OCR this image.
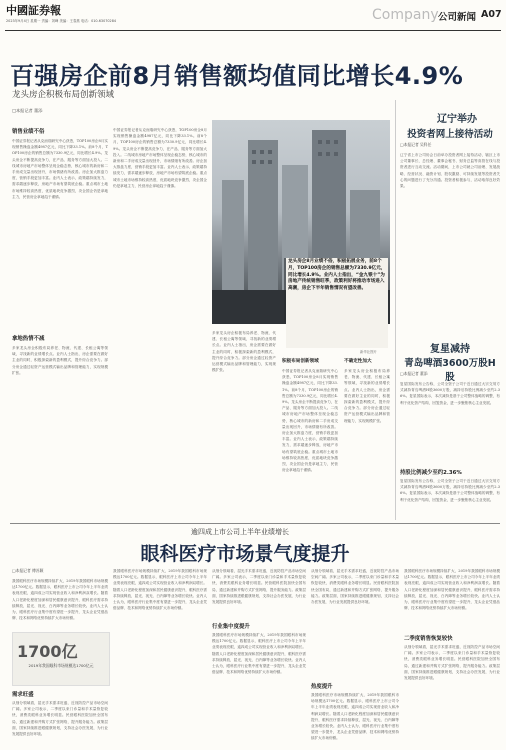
中國証券報
2023年9月4日 星期一 责编：刘峰 美编：王春燕 电话：010-63070284	Company 公司新闻 A07
百强房企前8月销售额均值同比增长4.9%
龙头房企积极布局创新领域
□本报记者 董添
销售业绩不俗
中国证券报记者从克而瑞研究中心获悉，TOP100房企8月实现销售操盘金额4987亿元，同比下降33.1%。前8个月，TOP100房企的销售总额为7330.9亿元，同比增长4.9%。龙头房企不断提高竞争力，在产品、服务等方面加大投入。二线城市房地产市场整体呈现企稳态势，核心城市的新房和二手房成交量出现回升，市场情绪有所改善。房企加大推盘力度，营销手段更加丰富。业内人士表示，政策端持续发力，需求端逐步释放，房地产市场有望筑底企稳。重点城市土地市场维持较高热度，优质地块竞争激烈，央企国企仍是拿地主力，民营房企拿地趋于谨慎。
拿地热情不减
多家龙头房企积极布局养老、物流、代建、长租公寓等领域，寻找新的业绩增长点。业内人士指出，房企需要在做好主业的同时，积极探索新的盈利模式，提升综合竞争力。部分房企通过轻资产运营模式输出品牌和管理能力，实现规模扩张。
中国证券报记者从克而瑞研究中心获悉，TOP100房企8月实现销售操盘金额4987亿元，同比下降33.1%。前8个月，TOP100房企的销售总额为7330.9亿元，同比增长4.9%。龙头房企不断提高竞争力，在产品、服务等方面加大投入。二线城市房地产市场整体呈现企稳态势，核心城市的新房和二手房成交量出现回升，市场情绪有所改善。房企加大推盘力度，营销手段更加丰富。业内人士表示，政策端持续发力，需求端逐步释放，房地产市场有望筑底企稳。重点城市土地市场维持较高热度，优质地块竞争激烈，央企国企仍是拿地主力，民营房企拿地趋于谨慎。
龙头房企8月业绩不俗，积极拓展业务，前8个月，TOP100房企的销售总额为7330.9亿元，同比增长4.9%。业内人士指出，“金九银十”为房地产传统销售旺季，政策利好将推动市场进入高潮，房企下半年销售情况有望改善。
新华社图片
多家龙头房企积极布局养老、物流、代建、长租公寓等领域，寻找新的业绩增长点。业内人士指出，房企需要在做好主业的同时，积极探索新的盈利模式，提升综合竞争力。部分房企通过轻资产运营模式输出品牌和管理能力，实现规模扩张。
积极布局创新领域
中国证券报记者从克而瑞研究中心获悉，TOP100房企8月实现销售操盘金额4987亿元，同比下降33.1%。前8个月，TOP100房企的销售总额为7330.9亿元，同比增长4.9%。龙头房企不断提高竞争力，在产品、服务等方面加大投入。二线城市房地产市场整体呈现企稳态势，核心城市的新房和二手房成交量出现回升，市场情绪有所改善。房企加大推盘力度，营销手段更加丰富。业内人士表示，政策端持续发力，需求端逐步释放，房地产市场有望筑底企稳。重点城市土地市场维持较高热度，优质地块竞争激烈，央企国企仍是拿地主力，民营房企拿地趋于谨慎。
不确定性加大
多家龙头房企积极布局养老、物流、代建、长租公寓等领域，寻找新的业绩增长点。业内人士指出，房企需要在做好主业的同时，积极探索新的盈利模式，提升综合竞争力。部分房企通过轻资产运营模式输出品牌和管理能力，实现规模扩张。
辽宁举办
投资者网上接待活动
□本报记者 吴科任
辽宁省上市公司协会日前举办投资者网上接待活动，辖区上市公司董事长、总经理、董事会秘书、财务总监等高管在线与投资者进行互动交流。活动期间，上市公司就公司治理、发展战略、经营状况、融资计划、股权激励、可持续发展等投资者关心的问题进行了充分沟通。投资者积极参与，活动取得良好效果。
复星减持
青岛啤酒3600万股H股
□本报记者 董添
复星国际发布公告称，公司全资子公司于近日通过大宗交易方式减持青岛啤酒H股3600万股，减持后持股比例减少至约2.36%。复星国际表示，本次减持是基于公司整体战略的调整，有利于优化资产结构，回笼资金，进一步聚焦核心主业发展。
持股比例减少至约2.36%
复星国际发布公告称，公司全资子公司于近日通过大宗交易方式减持青岛啤酒H股3600万股，减持后持股比例减少至约2.36%。复星国际表示，本次减持是基于公司整体战略的调整，有利于优化资产结构，回笼资金，进一步聚焦核心主业发展。
逾四成上市公司上半年业绩增长
眼科医疗市场景气度提升
□本报记者 傅苏颖
我国眼科医疗市场规模持续扩大，2019年我国眼科市场规模达1700亿元。数据显示，眼科医疗上市公司今年上半年业绩表现亮眼，逾四成公司实现营业收入和净利润双增长。随着人口老龄化程度加深和居民健康意识提升，眼科医疗需求持续释放，屈光、视光、白内障等业务增长较快。业内人士认为，眼科医疗行业集中度有望进一步提升，龙头企业凭借品牌、技术和网络优势持续扩大市场份额。
1700亿
2019年我国眼科市场规模达1700亿元
需求旺盛
从细分领域看，屈光手术需求旺盛，近视防控产品市场空间广阔。多家公司表示，二季度以来门诊量和手术量恢复较快，消费类眼科业务增长明显。民营眼科医院加快全国布局，通过新建和并购方式扩张网络，提升服务能力。政策层面，国家持续推进眼健康规划，支持社会办医发展，为行业发展提供良好环境。
我国眼科医疗市场规模持续扩大，2019年我国眼科市场规模达1700亿元。数据显示，眼科医疗上市公司今年上半年业绩表现亮眼，逾四成公司实现营业收入和净利润双增长。随着人口老龄化程度加深和居民健康意识提升，眼科医疗需求持续释放，屈光、视光、白内障等业务增长较快。业内人士认为，眼科医疗行业集中度有望进一步提升，龙头企业凭借品牌、技术和网络优势持续扩大市场份额。
从细分领域看，屈光手术需求旺盛，近视防控产品市场空间广阔。多家公司表示，二季度以来门诊量和手术量恢复较快，消费类眼科业务增长明显。民营眼科医院加快全国布局，通过新建和并购方式扩张网络，提升服务能力。政策层面，国家持续推进眼健康规划，支持社会办医发展，为行业发展提供良好环境。
行业集中度提升
我国眼科医疗市场规模持续扩大，2019年我国眼科市场规模达1700亿元。数据显示，眼科医疗上市公司今年上半年业绩表现亮眼，逾四成公司实现营业收入和净利润双增长。随着人口老龄化程度加深和居民健康意识提升，眼科医疗需求持续释放，屈光、视光、白内障等业务增长较快。业内人士认为，眼科医疗行业集中度有望进一步提升，龙头企业凭借品牌、技术和网络优势持续扩大市场份额。
从细分领域看，屈光手术需求旺盛，近视防控产品市场空间广阔。多家公司表示，二季度以来门诊量和手术量恢复较快，消费类眼科业务增长明显。民营眼科医院加快全国布局，通过新建和并购方式扩张网络，提升服务能力。政策层面，国家持续推进眼健康规划，支持社会办医发展，为行业发展提供良好环境。
热度提升
我国眼科医疗市场规模持续扩大，2019年我国眼科市场规模达1700亿元。数据显示，眼科医疗上市公司今年上半年业绩表现亮眼，逾四成公司实现营业收入和净利润双增长。随着人口老龄化程度加深和居民健康意识提升，眼科医疗需求持续释放，屈光、视光、白内障等业务增长较快。业内人士认为，眼科医疗行业集中度有望进一步提升，龙头企业凭借品牌、技术和网络优势持续扩大市场份额。
我国眼科医疗市场规模持续扩大，2019年我国眼科市场规模达1700亿元。数据显示，眼科医疗上市公司今年上半年业绩表现亮眼，逾四成公司实现营业收入和净利润双增长。随着人口老龄化程度加深和居民健康意识提升，眼科医疗需求持续释放，屈光、视光、白内障等业务增长较快。业内人士认为，眼科医疗行业集中度有望进一步提升，龙头企业凭借品牌、技术和网络优势持续扩大市场份额。
二季度销售恢复较快
从细分领域看，屈光手术需求旺盛，近视防控产品市场空间广阔。多家公司表示，二季度以来门诊量和手术量恢复较快，消费类眼科业务增长明显。民营眼科医院加快全国布局，通过新建和并购方式扩张网络，提升服务能力。政策层面，国家持续推进眼健康规划，支持社会办医发展，为行业发展提供良好环境。
